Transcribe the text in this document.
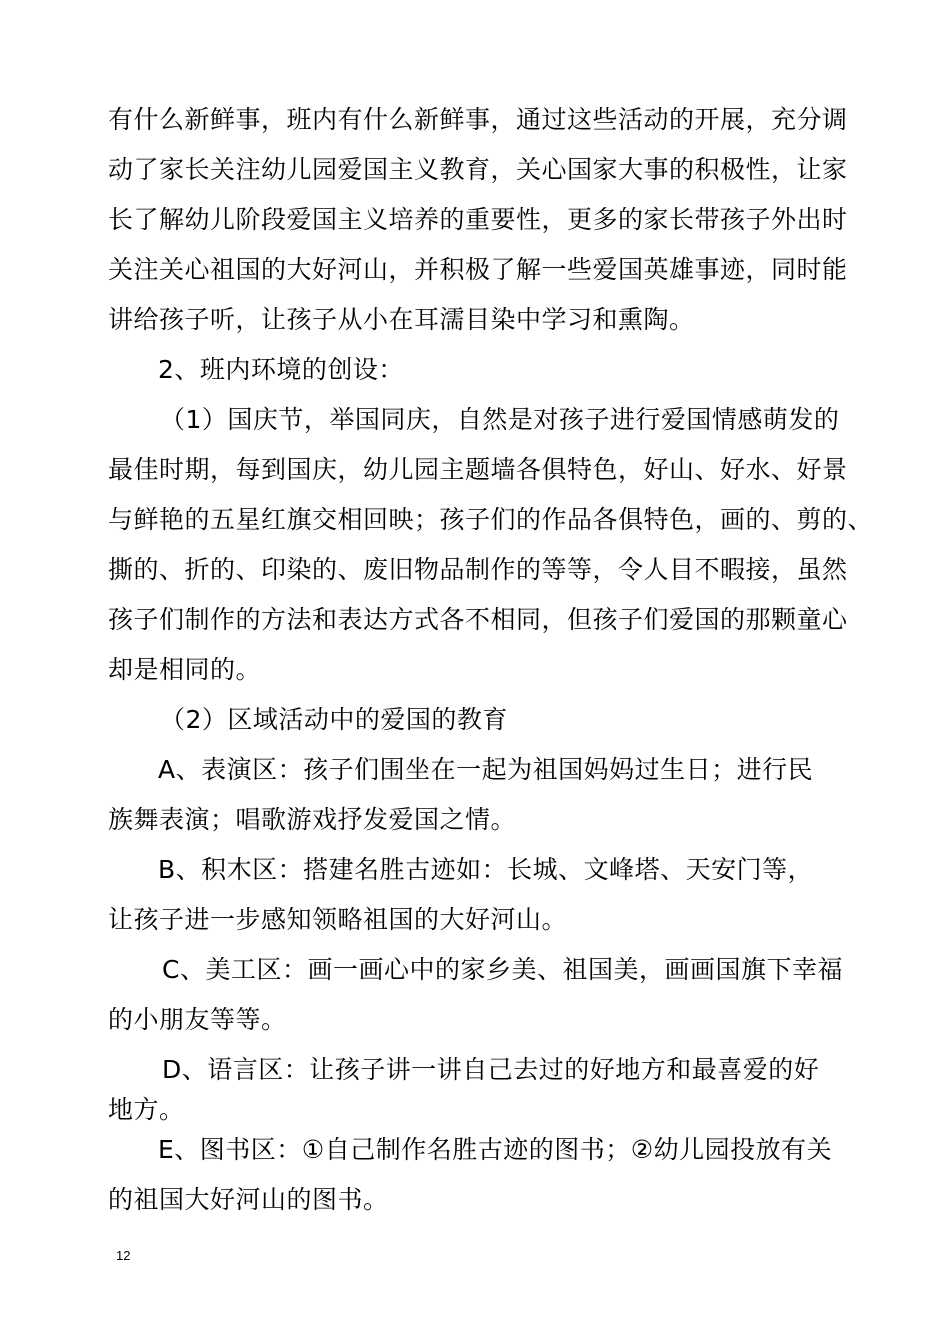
有什么新鲜事，班内有什么新鲜事，通过这些活动的开展，充分调
动了家长关注幼儿园爱国主义教育，关心国家大事的积极性，让家
长了解幼儿阶段爱国主义培养的重要性，更多的家长带孩子外出时
关注关心祖国的大好河山，并积极了解一些爱国英雄事迹，同时能
讲给孩子听，让孩子从小在耳濡目染中学习和熏陶。
2、班内环境的创设：
（1）国庆节，举国同庆，自然是对孩子进行爱国情感萌发的
最佳时期，每到国庆，幼儿园主题墙各俱特色，好山、好水、好景
与鲜艳的五星红旗交相回映；孩子们的作品各俱特色，画的、剪的、
撕的、折的、印染的、废旧物品制作的等等，令人目不暇接，虽然
孩子们制作的方法和表达方式各不相同，但孩子们爱国的那颗童心
却是相同的。
（2）区域活动中的爱国的教育
A、表演区：孩子们围坐在一起为祖国妈妈过生日；进行民
族舞表演；唱歌游戏抒发爱国之情。
B、积木区：搭建名胜古迹如：长城、文峰塔、天安门等，
让孩子进一步感知领略祖国的大好河山。
C、美工区：画一画心中的家乡美、祖国美，画画国旗下幸福
的小朋友等等。
D、语言区：让孩子讲一讲自己去过的好地方和最喜爱的好
地方。
E、图书区：①自己制作名胜古迹的图书；②幼儿园投放有关
的祖国大好河山的图书。
12
